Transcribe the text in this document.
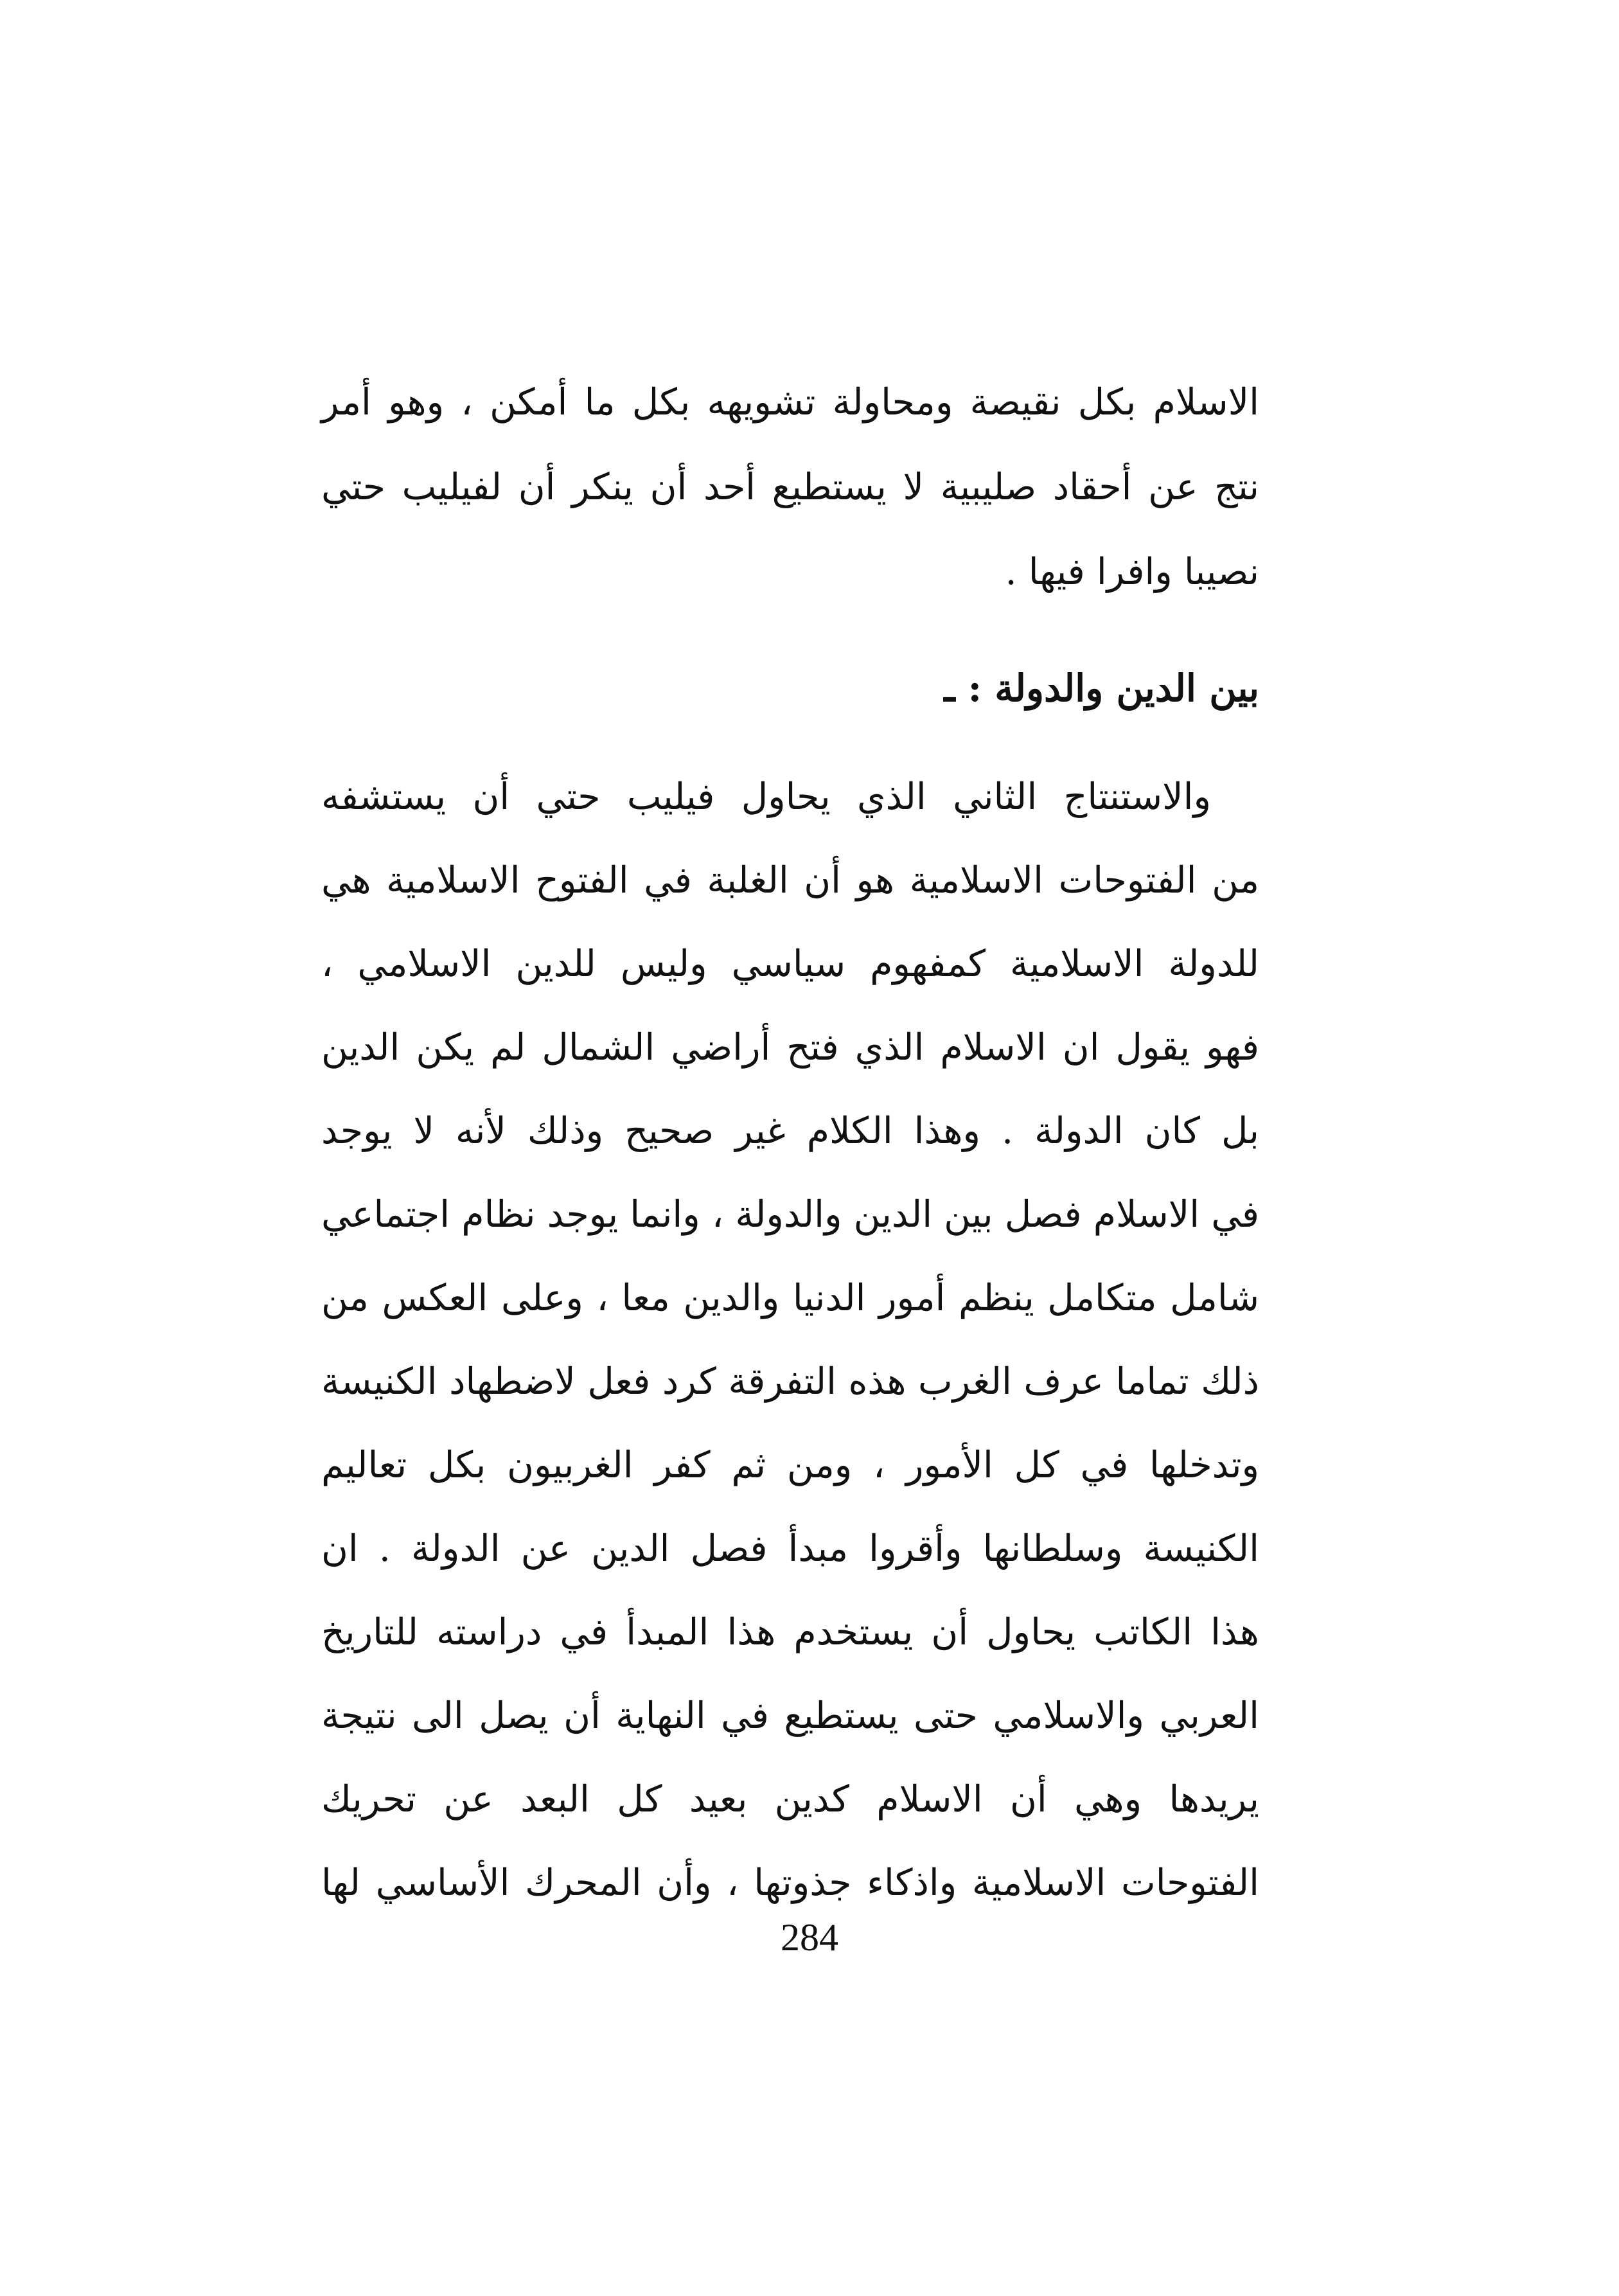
الاسلام بكل نقيصة ومحاولة تشويهه بكل ما أمكن ، وهو أمر
نتج عن أحقاد صليبية لا يستطيع أحد أن ينكر أن لفيليب حتي
نصيبا وافرا فيها .
بين الدين والدولة : ـ
والاستنتاج الثاني الذي يحاول فيليب حتي أن يستشفه
من الفتوحات الاسلامية هو أن الغلبة في الفتوح الاسلامية هي
للدولة الاسلامية كمفهوم سياسي وليس للدين الاسلامي ،
فهو يقول ان الاسلام الذي فتح أراضي الشمال لم يكن الدين
بل كان الدولة . وهذا الكلام غير صحيح وذلك لأنه لا يوجد
في الاسلام فصل بين الدين والدولة ، وانما يوجد نظام اجتماعي
شامل متكامل ينظم أمور الدنيا والدين معا ، وعلى العكس من
ذلك تماما عرف الغرب هذه التفرقة كرد فعل لاضطهاد الكنيسة
وتدخلها في كل الأمور ، ومن ثم كفر الغربيون بكل تعاليم
الكنيسة وسلطانها وأقروا مبدأ فصل الدين عن الدولة . ان
هذا الكاتب يحاول أن يستخدم هذا المبدأ في دراسته للتاريخ
العربي والاسلامي حتى يستطيع في النهاية أن يصل الى نتيجة
يريدها وهي أن الاسلام كدين بعيد كل البعد عن تحريك
الفتوحات الاسلامية واذكاء جذوتها ، وأن المحرك الأساسي لها
284
